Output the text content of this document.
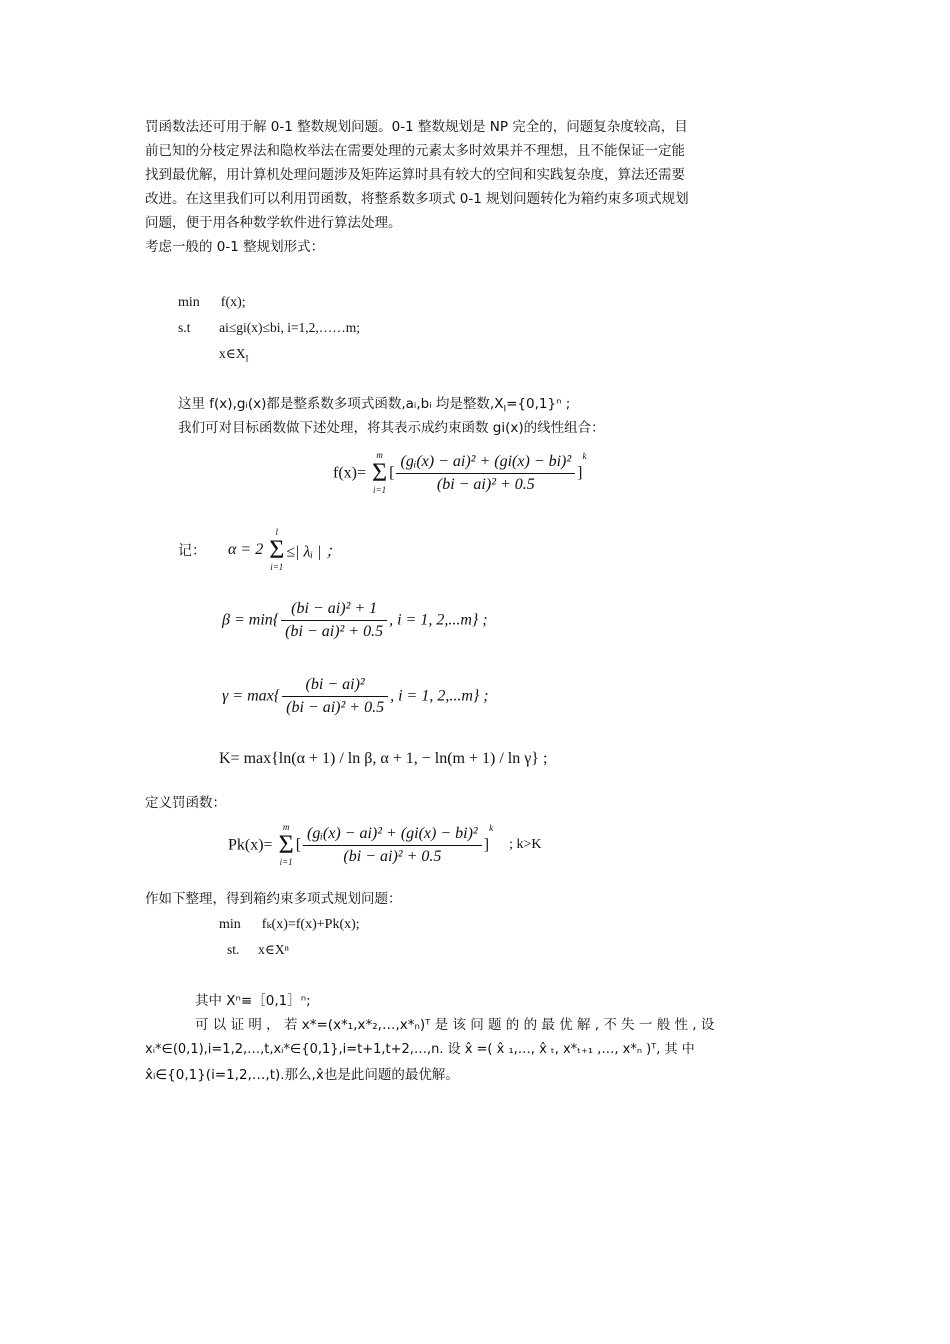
罚函数法还可用于解 0-1 整数规划问题。0-1 整数规划是 NP 完全的，问题复杂度较高，目
前已知的分枝定界法和隐枚举法在需要处理的元素太多时效果并不理想，且不能保证一定能
找到最优解，用计算机处理问题涉及矩阵运算时具有较大的空间和实践复杂度，算法还需要
改进。在这里我们可以利用罚函数，将整系数多项式 0-1 规划问题转化为箱约束多项式规划
问题，便于用各种数学软件进行算法处理。
考虑一般的 0-1 整规划形式：
min f(x);
s.t ai≤gi(x)≤bi, i=1,2,……m;
$x\in X_I$
这里 f(x),gᵢ(x)都是整系数多项式函数,aᵢ,bᵢ 均是整数$,X_I=\{0,1\}^n$ ;
我们可对目标函数做下述处理，将其表示成约束函数 gi(x)的线性组合：
f(x)=
m
Σ
i=1
[ $\frac{\text{(gᵢ(x) − ai)² + (gi(x) − bi)²}}{\text{(bi − ai)² + 0.5}} ]^k$
记： α = 2
l
Σ
i=1
≤| λᵢ | ；
$\beta = \min\{ \frac{\text{(bi − ai)² + 1}}{\text{(bi − ai)² + 0.5}}$ , i = 1, 2,...m} ;
$\gamma = \max\{ \frac{\text{(bi − ai)²}}{\text{(bi − ai)² + 0.5}}$ , i = 1, 2,...m} ;
K= max{ln(α + 1) / ln β, α + 1, − ln(m + 1) / ln γ} ;
定义罚函数：
Pk(x)=
m
Σ
i=1
[ $\frac{\text{(gᵢ(x) − ai)² + (gi(x) − bi)²}}{\text{(bi − ai)² + 0.5}} ]^k$ ; k>K
作如下整理，得到箱约束多项式规划问题：
min fₖ(x)=f(x)+Pk(x);
st. x∈Xⁿ
其中 Xⁿ≡［0,1］ⁿ;
可 以 证 明 ， 若 x*=(x*₁,x*₂,…,x*ₙ)ᵀ 是 该 问 题 的 的 最 优 解 , 不 失 一 般 性 , 设
xᵢ*∈(0,1),i=1,2,…,t,xᵢ*∈{0,1},i=t+1,t+2,…,n. 设 x̂ =( x̂ ₁,…, x̂ ₜ, x*ₜ₊₁ ,…, x*ₙ )ᵀ, 其 中
x̂ᵢ∈{0,1}(i=1,2,…,t).那么,x̂也是此问题的最优解。
